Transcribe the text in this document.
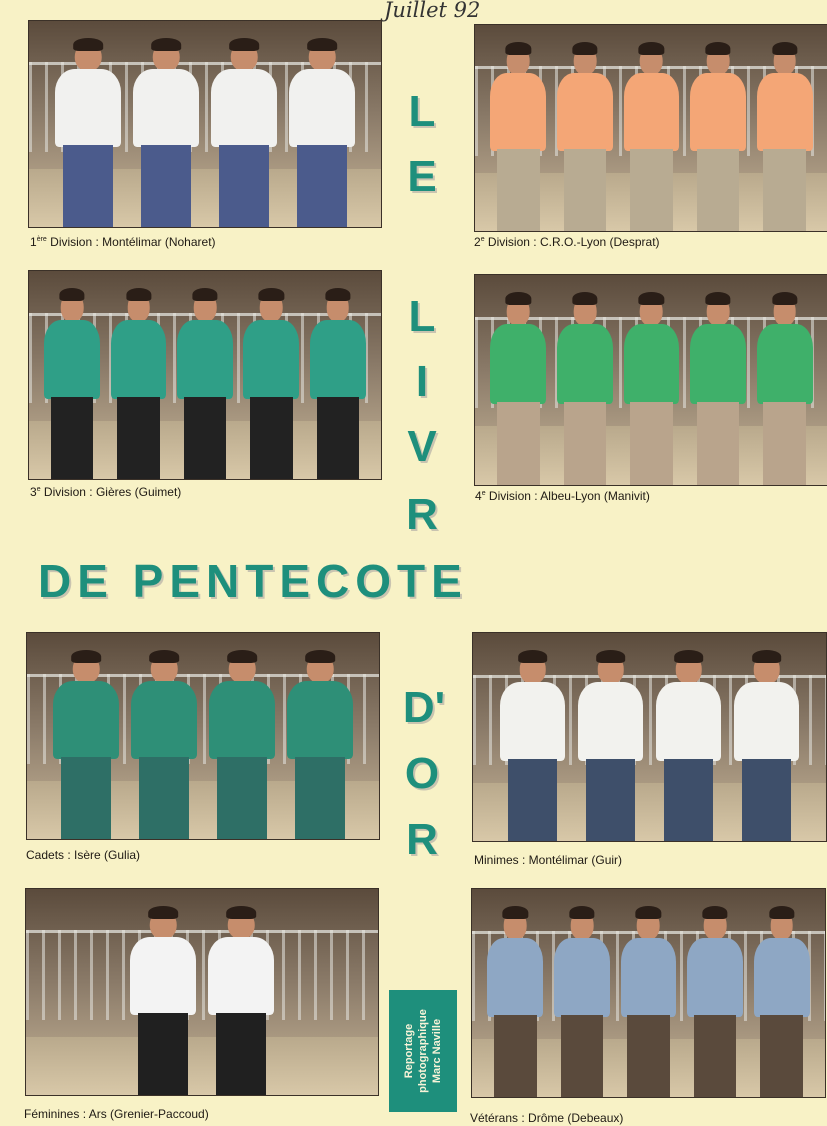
Juillet 92
1ère Division : Montélimar (Noharet)	2e Division : C.R.O.-Lyon (Desprat)
3e Division : Gières (Guimet)	4e Division : Albeu-Lyon (Manivit)
Cadets : Isère (Gulia)	Minimes : Montélimar (Guir)
Féminines : Ars (Grenier-Paccoud)	Vétérans : Drôme (Debeaux)
L
E
L
I
V
R
DE PENTECOTE
D'
O
R
Reportage photographique Marc Naville
